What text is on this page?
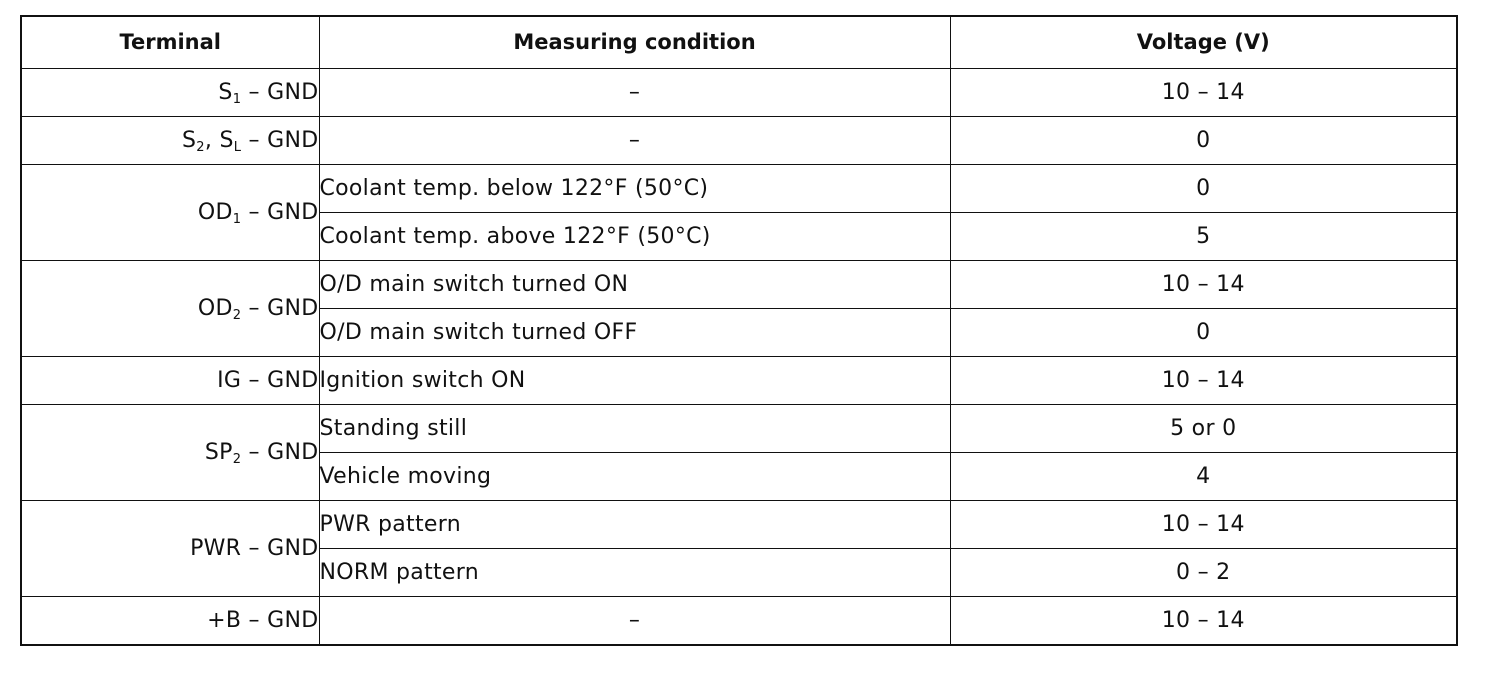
Terminal	Measuring condition	Voltage (V)
$S_1$ – GND	–	10 – 14
$S_2$, $S_L$ – GND	–	0
$OD_1$ – GND	Coolant temp. below 122°F (50°C)	0
	Coolant temp. above 122°F (50°C)	5
$OD_2$ – GND	O/D main switch turned ON	10 – 14
	O/D main switch turned OFF	0
IG – GND	Ignition switch ON	10 – 14
$SP_2$ – GND	Standing still	5 or 0
	Vehicle moving	4
PWR – GND	PWR pattern	10 – 14
	NORM pattern	0 – 2
+B – GND	–	10 – 14
